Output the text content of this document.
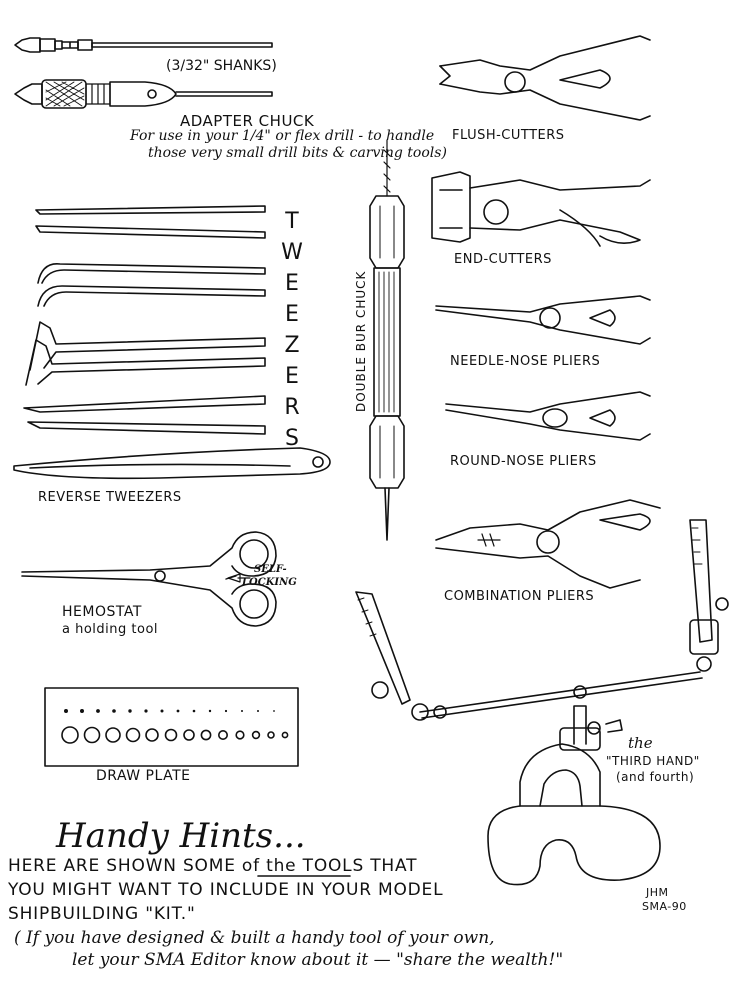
(3/32" SHANKS)
ADAPTER CHUCK
For use in your 1/4" or flex drill - to handle
those very small drill bits & carving tools)
T
W
E
E
Z
E
R
S
REVERSE TWEEZERS
HEMOSTAT
a holding tool
SELF-
LOCKING
DRAW PLATE
DOUBLE BUR CHUCK
FLUSH-CUTTERS
END-CUTTERS
NEEDLE-NOSE PLIERS
ROUND-NOSE PLIERS
COMBINATION PLIERS
the
"THIRD HAND"
(and fourth)
Handy Hints...
HERE ARE SHOWN SOME of the TOOLS THAT
YOU MIGHT WANT TO INCLUDE IN YOUR MODEL
SHIPBUILDING "KIT."
( If you have designed & built a handy tool of your own,
let your SMA Editor know about it — "share the wealth!"
JHM
SMA-90
